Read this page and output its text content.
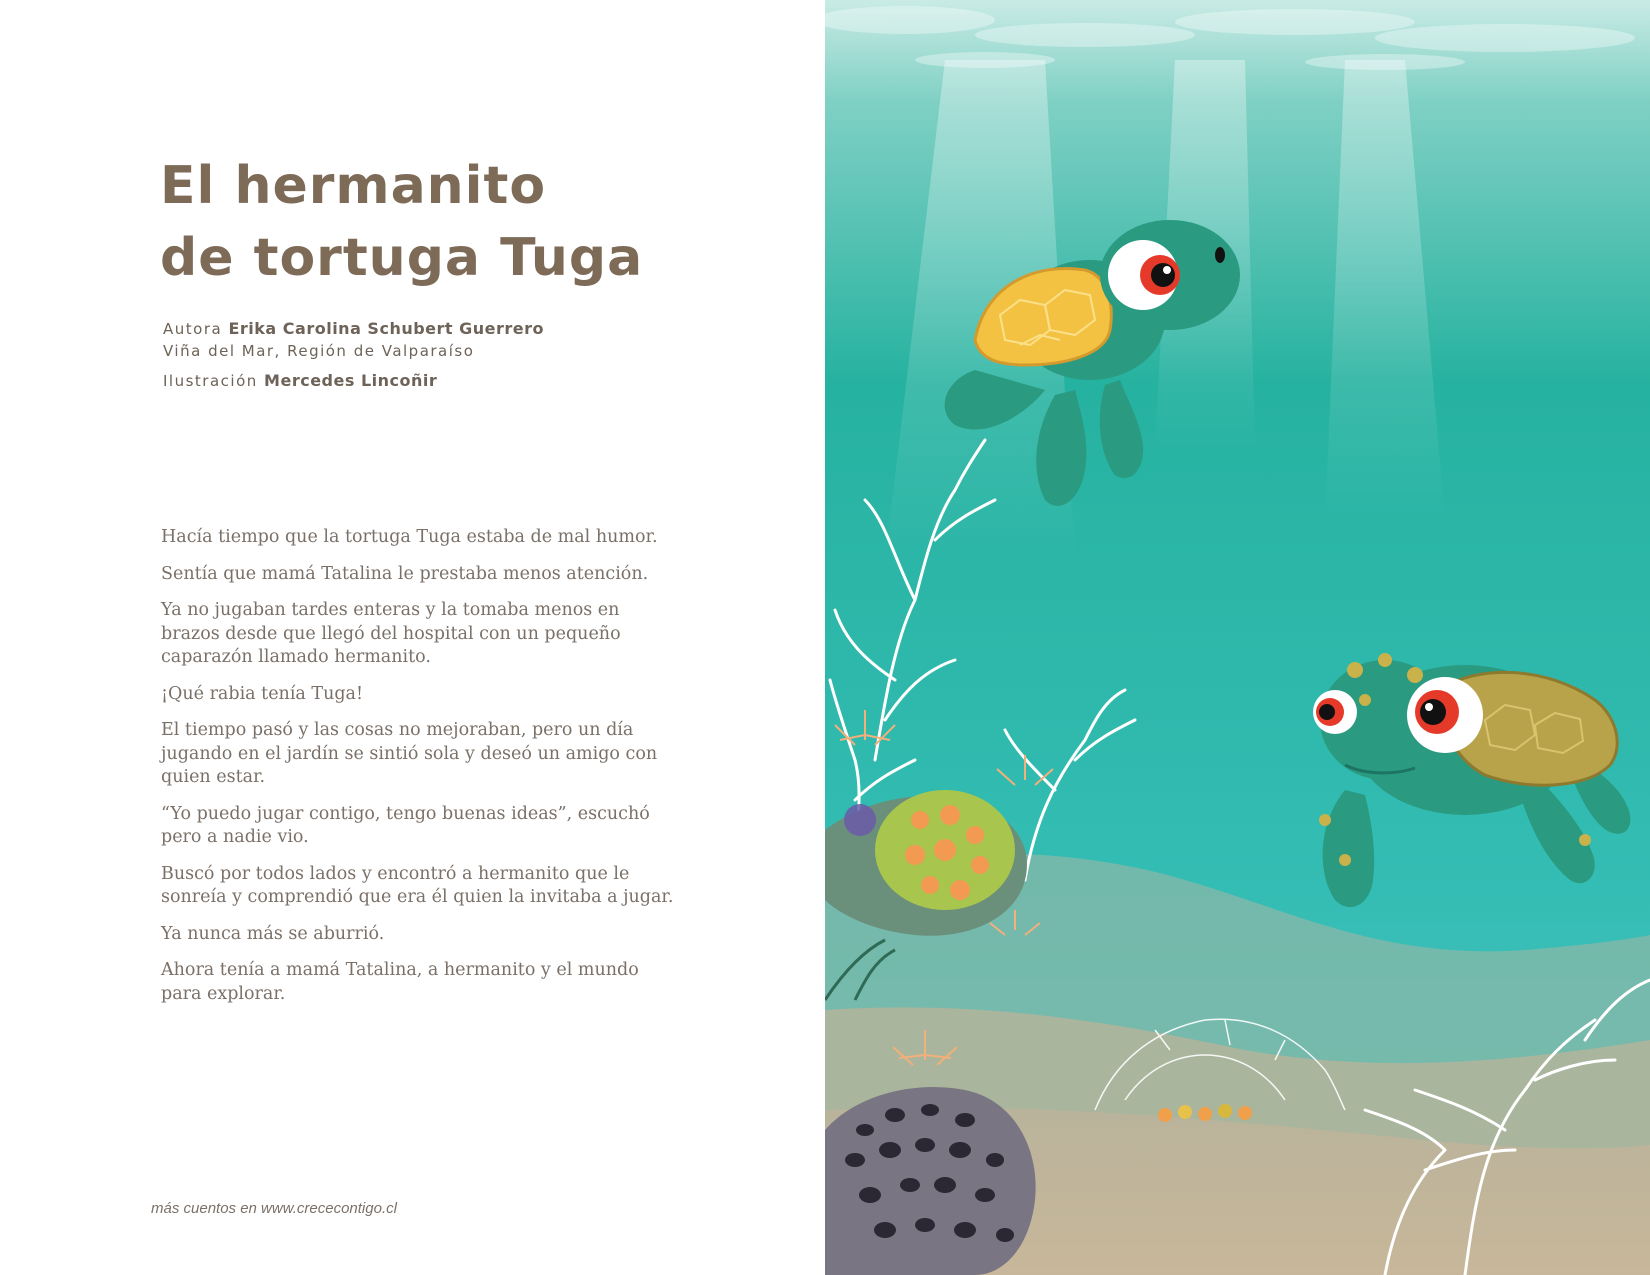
El hermanito
de tortuga Tuga
Autora Erika Carolina Schubert Guerrero
Viña del Mar, Región de Valparaíso
Ilustración Mercedes Lincoñir

Hacía tiempo que la tortuga Tuga estaba de mal humor.

Sentía que mamá Tatalina le prestaba menos atención.

Ya no jugaban tardes enteras y la tomaba menos en brazos desde que llegó del hospital con un pequeño caparazón llamado hermanito.

¡Qué rabia tenía Tuga!

El tiempo pasó y las cosas no mejoraban, pero un día jugando en el jardín se sintió sola y deseó un amigo con quien estar.

“Yo puedo jugar contigo, tengo buenas ideas”, escuchó pero a nadie vio.

Buscó por todos lados y encontró a hermanito que le sonreía y comprendió que era él quien la invitaba a jugar.

Ya nunca más se aburrió.

Ahora tenía a mamá Tatalina, a hermanito y el mundo para explorar.

más cuentos en www.crececontigo.cl
